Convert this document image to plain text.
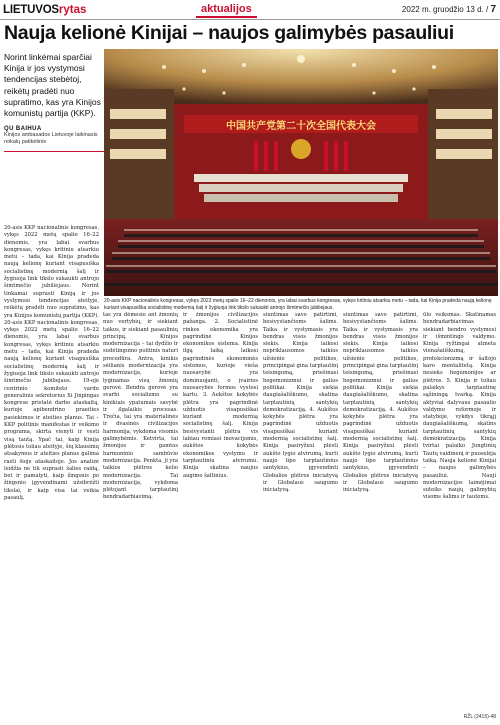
LIETUVOS rytas	aktualijos	2022 m. gruodžio 13 d. / 7
Nauja kelionė Kinijai – naujos galimybės pasauliui

Norint linkėmai sparčiai Kinija ir jos vystymosi tendencijas stebėtoj, reikėtų pradėti nuo supratimo, kas yra Kinijos komunistų partija (KKP).

QU BAIHUA
Kinijos ambasados Lietuvoje laikinasis reikalų patikėtinis

20-asis KKP nacionalinis kongresas, vykęs 2022 metų spalio 16–22 dienomis, yra labai svarbus kongresas, vykęs kritiniu atsarkiu metu – tada, kai Kinija pradeda naują kelionę kuriant visapusiška socialistinę modernią šalį ir žygiuoja link tikslo sukaukti antrojo šimtmečio jubiliejaus. Norint tinkamai suprasti Kiniją ir jos vystymosi tendencijas ateityje, reikėtų pradėti nuo supratimo, kas yra Kinijos komunistų partija (KKP). 20-asis KKP nacionalinis kongresas, vykęs 2022 metų spalio 16–22 dienomis, yra labai svarbus kongresas, vykęs kritiniu atsarkiu metu – tada, kai Kinija pradeda naują kelionę kuriant visapusiška socialistinę modernią šalį ir žygiuoja link tikslo sukaukti antrojo šimtmečio jubiliejaus. 19-oje centrinio komiteto vardu generalinis sekretorius Xi Jinpingas kongrese pristatė darbo ataskaitą, kurioje apibendrino praeities pasiekimus ir ateities planus. Tai – KKP politinis manifestas ir veikimo programa, skirta vienyti ir vesti visą tautą. Ypač tai, kaip Kinija plėtosis toliau ateityje, šių klausimų atsakymus ir ateities planus galima rasti šioje ataskaitoje. Jos analizė leidžia ne tik suprasti šalies raidą, bet ir pamatyti, kaip žingsnis po žingsnio įgyvendinami užsibrėžti tikslai, ir kaip visa tai veikia pasaulį.

中国共产党第二十次全国代表大会

20-asis KKP nacionalinis kongresas, vykęs 2022 metų spalio 16–22 dienomis, yra labai svarbus kongresas, vykęs kritiniu atsarkiu metu – tada, kai Kinija pradeda naują kelionę kuriant visapusiška socialistinę modernią šalį ir žygiuoja link tikslo sukaukti antrojo šimtmečio jubiliejaus.

tas yra dėmesio ant žmonių nuo vertybių, ir siekiant taikos, ir siekiant pasaulinių principų. Kinijos modernizacija – tai dydžio ir sudėtingumo politinis naturi procedūra. Antra, kinikis sėilianis modernizacija yra modernizacija, kurioje lyginamas visų žmonių gerovė. Bendra gerovė yra svarbi socializmo su kinikiais ypatumais savybė ir ilgalaikis procesas. Trečia, tai yra materialinės ir dvasinės civilizacijos harmonija, vykdoma visomis galimybėmis. Ketvirta, tai žmonijos ir gamtos harmoninio sambūvio modernizacija. Penkta, ji yra taikios plėtros kelio modernizacija. Tai modernizacija, vykdoma plėtojant tarptautinį bendradarbiavimą.

ir žmonijos civilizacijos pažanga. 2. Socialistinė rinkos ekonomika yra pagrindinė Kinijos ekonomikos sistema. Kinija ilgą laiką laikosi pagrindinės ekonominės sistemos, kurioje vieša nuosavybė yra dominuojanti, o įvairios nuosavybės formos vystosi kartu. 3. Aukštos kokybės plėtra yra pagrindinė užduotis visapusiškai kuriant modernią socialistinę šalį. Kinija besivystanti plėtra vis labiau remiasi inovacijomis, aukštos kokybės ekonomikos vystymu ir tarptautiniu atvirumu. Kinija skatina naujus augimo šaltinius.

siuntimas savo patirtimi, besivystančioms šalims. Taika ir vystymasis yra bendras visos žmonijos siekis. Kinija laikosi nepriklausomos taikios užsienio politikos, principingai gina tarptautinį teisingumą, priešinasi hegemonizmui ir galios politikai. Kinija siekia daugiašališkumo, skatina tarptautinių santykių demokratizaciją. 4. Aukštos kokybės plėtra yra pagrindinė užduotis visapusiškai kuriant modernią socialistinę šalį. Kinija pasiryžusi plėsti aukšto lygio atvirumą, kurti naujo tipo tarptautinius santykius, įgyvendinti Globalios plėtros iniciatyvą ir Globalaus saugumo iniciatyvą.

siuntimas savo patirtimi, besivystančioms šalims. Taika ir vystymasis yra bendras visos žmonijos siekis. Kinija laikosi nepriklausomos taikios užsienio politikos, principingai gina tarptautinį teisingumą, priešinasi hegemonizmui ir galios politikai. Kinija siekia daugiašališkumo, skatina tarptautinių santykių demokratizaciją. 4. Aukštos kokybės plėtra yra pagrindinė užduotis visapusiškai kuriant modernią socialistinę šalį. Kinija pasiryžusi plėsti aukšto lygio atvirumą, kurti naujo tipo tarptautinius santykius, įgyvendinti Globalios plėtros iniciatyvą ir Globalaus saugumo iniciatyvą.

ūlo veiksmas. Skatinamas bendradarbiavimas siekiant bendro vystymosi ir išmintingo valdymo. Kinija ryžtingai atmeta vienašališkumą, protekcionizmą ir šaltojo karo mentalitetą. Kinija nesieks hegemonijos ar plėtros. 5. Kinija ir toliau palaikys tarptautinę sąžiningą tvarką. Kinija aktyviai dalyvaus pasaulio valdymo reformoje ir statyboje, vykdys tikrąjį daugiašališkumą, skatins tarptautinių santykių demokratizaciją. Kinija tvirtai palaiko Jungtinių Tautų vaidmenį ir puoselėja taiką. Nauja kelionė Kinijai – naujos galimybės pasauliui. Nauji modernizacijos laimėjimai suteiks naujų galimybių visoms šalims ir tautoms.

RŽL (2415)-48
